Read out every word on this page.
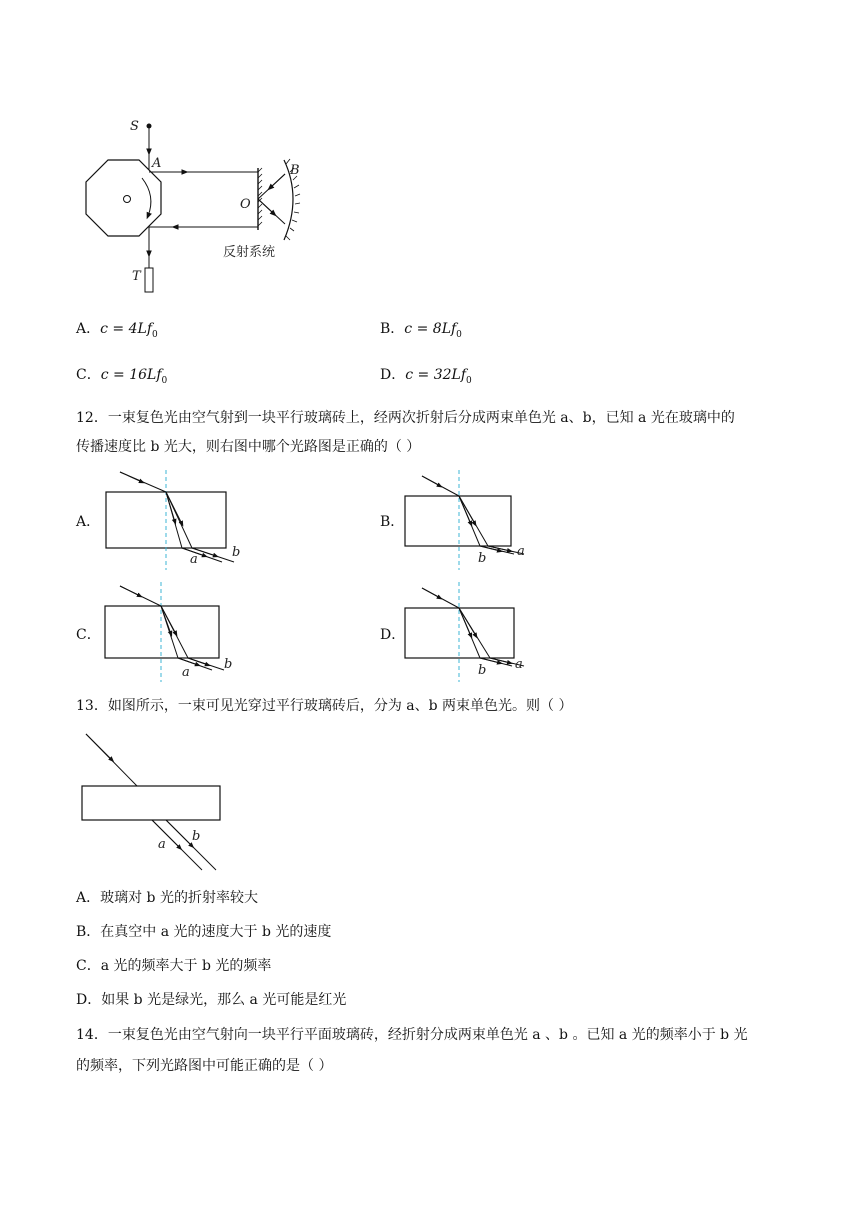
S
A
O
B
反射系统
T
A．$c = 4Lf_0$	B．$c = 8Lf_0$
C．$c = 16Lf_0$	D．$c = 32Lf_0$
12．一束复色光由空气射到一块平行玻璃砖上，经两次折射后分成两束单色光 a、b，已知 a 光在玻璃中的
传播速度比 b 光大，则右图中哪个光路图是正确的（ ）
A．	B．
C．	D．
a	b	b a
a
b	b a
13．如图所示，一束可见光穿过平行玻璃砖后，分为 a、b 两束单色光。则（ ）
a
b
A．玻璃对 b 光的折射率较大
B．在真空中 a 光的速度大于 b 光的速度
C．a 光的频率大于 b 光的频率
D．如果 b 光是绿光，那么 a 光可能是红光
14．一束复色光由空气射向一块平行平面玻璃砖，经折射分成两束单色光 a 、b 。已知 a 光的频率小于 b 光
的频率，下列光路图中可能正确的是（ ）
